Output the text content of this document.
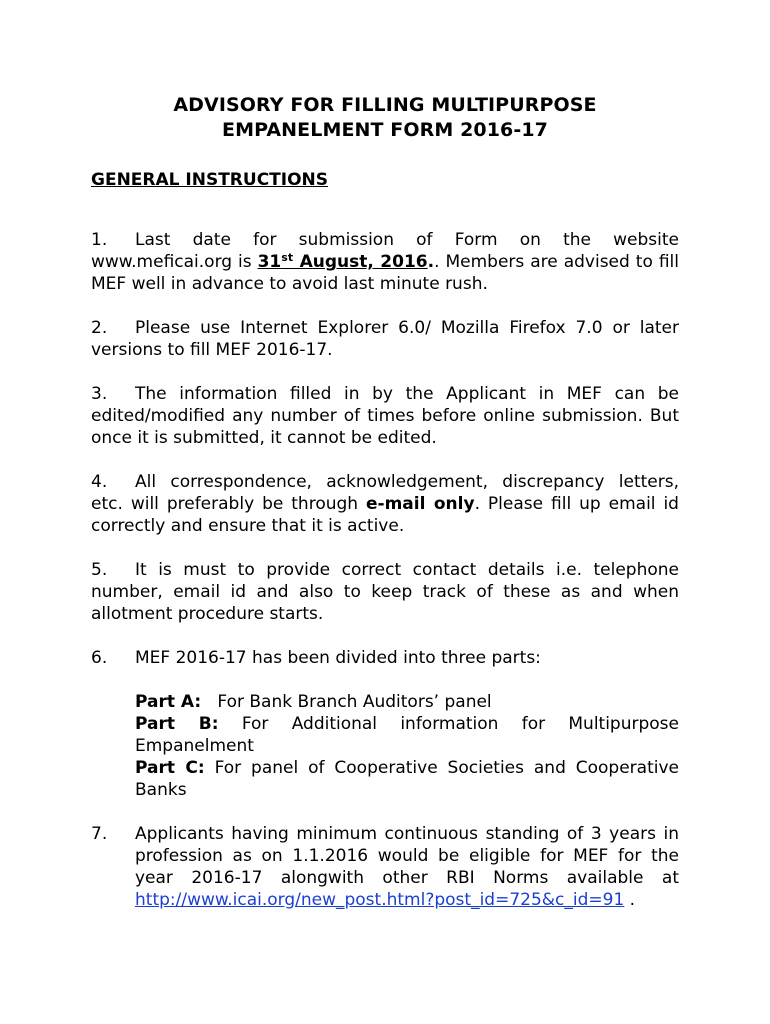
ADVISORY FOR FILLING MULTIPURPOSE
EMPANELMENT FORM 2016-17
GENERAL INSTRUCTIONS
1. Last date for submission of Form on the website www.meficai.org is 31st August, 2016.. Members are advised to fill MEF well in advance to avoid last minute rush.
2. Please use Internet Explorer 6.0/ Mozilla Firefox 7.0 or later versions to fill MEF 2016-17.
3. The information filled in by the Applicant in MEF can be edited/modified any number of times before online submission. But once it is submitted, it cannot be edited.
4. All correspondence, acknowledgement, discrepancy letters, etc. will preferably be through e-mail only. Please fill up email id correctly and ensure that it is active.
5. It is must to provide correct contact details i.e. telephone number, email id and also to keep track of these as and when allotment procedure starts.
6. MEF 2016-17 has been divided into three parts:
Part A: For Bank Branch Auditors’ panel
Part B: For Additional information for Multipurpose Empanelment
Part C: For panel of Cooperative Societies and Cooperative Banks
7. Applicants having minimum continuous standing of 3 years in profession as on 1.1.2016 would be eligible for MEF for the year 2016-17 alongwith other RBI Norms available at http://www.icai.org/new_post.html?post_id=725&c_id=91 .
